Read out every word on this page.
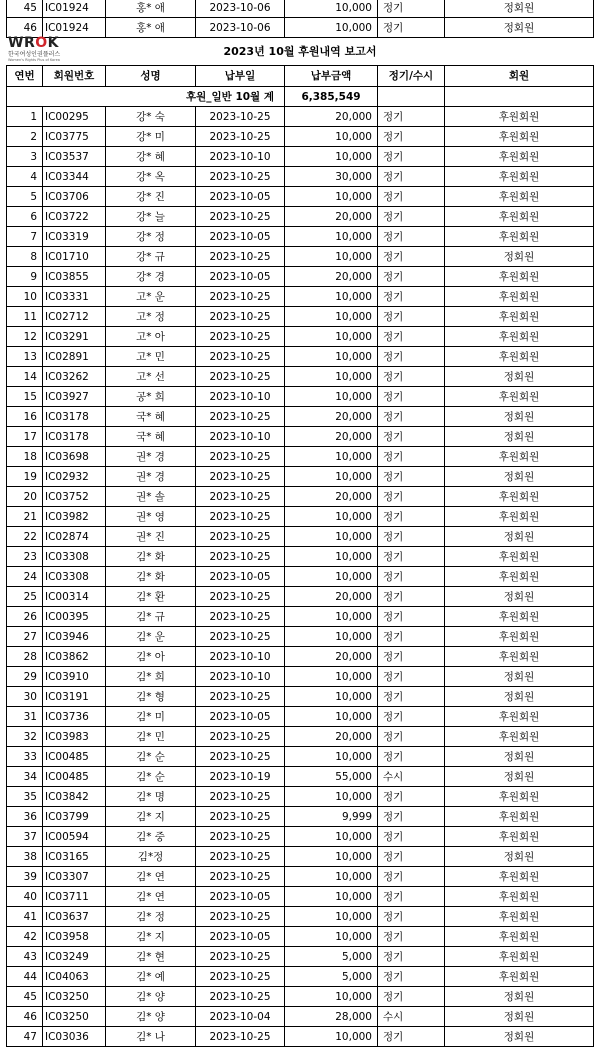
45	IC01924	홍* 애	2023-10-06	10,000	정기	정회원
46	IC01924	홍* 애	2023-10-06	10,000	정기	정회원
WROK
한국여성인권플러스
Women's Rights Plus of Korea
2023년 10월 후원내역 보고서
연번	회원번호	성명	납부일	납부금액	정기/수시	회원
후원_일반 10월 계				6,385,549		
1	IC00295	강* 숙	2023-10-25	20,000	정기	후원회원
2	IC03775	강* 미	2023-10-25	10,000	정기	후원회원
3	IC03537	강* 혜	2023-10-10	10,000	정기	후원회원
4	IC03344	강* 옥	2023-10-25	30,000	정기	후원회원
5	IC03706	강* 진	2023-10-05	10,000	정기	후원회원
6	IC03722	강* 늘	2023-10-25	20,000	정기	후원회원
7	IC03319	강* 정	2023-10-05	10,000	정기	후원회원
8	IC01710	강* 규	2023-10-25	10,000	정기	정회원
9	IC03855	강* 경	2023-10-05	20,000	정기	후원회원
10	IC03331	고* 운	2023-10-25	10,000	정기	후원회원
11	IC02712	고* 정	2023-10-25	10,000	정기	후원회원
12	IC03291	고* 아	2023-10-25	10,000	정기	후원회원
13	IC02891	고* 민	2023-10-25	10,000	정기	후원회원
14	IC03262	고* 선	2023-10-25	10,000	정기	정회원
15	IC03927	공* 희	2023-10-10	10,000	정기	후원회원
16	IC03178	국* 혜	2023-10-25	20,000	정기	정회원
17	IC03178	국* 혜	2023-10-10	20,000	정기	정회원
18	IC03698	권* 경	2023-10-25	10,000	정기	후원회원
19	IC02932	권* 경	2023-10-25	10,000	정기	정회원
20	IC03752	권* 솔	2023-10-25	20,000	정기	후원회원
21	IC03982	권* 영	2023-10-25	10,000	정기	후원회원
22	IC02874	권* 진	2023-10-25	10,000	정기	정회원
23	IC03308	김* 화	2023-10-25	10,000	정기	후원회원
24	IC03308	김* 화	2023-10-05	10,000	정기	후원회원
25	IC00314	김* 환	2023-10-25	20,000	정기	정회원
26	IC00395	김* 규	2023-10-25	10,000	정기	후원회원
27	IC03946	김* 운	2023-10-25	10,000	정기	후원회원
28	IC03862	김* 아	2023-10-10	20,000	정기	후원회원
29	IC03910	김* 희	2023-10-10	10,000	정기	정회원
30	IC03191	김* 형	2023-10-25	10,000	정기	정회원
31	IC03736	김* 미	2023-10-05	10,000	정기	후원회원
32	IC03983	김* 민	2023-10-25	20,000	정기	후원회원
33	IC00485	김* 순	2023-10-25	10,000	정기	정회원
34	IC00485	김* 순	2023-10-19	55,000	수시	정회원
35	IC03842	김* 명	2023-10-25	10,000	정기	후원회원
36	IC03799	김* 지	2023-10-25	9,999	정기	후원회원
37	IC00594	김* 중	2023-10-25	10,000	정기	후원회원
38	IC03165	김*정	2023-10-25	10,000	정기	정회원
39	IC03307	김* 연	2023-10-25	10,000	정기	후원회원
40	IC03711	김* 연	2023-10-05	10,000	정기	후원회원
41	IC03637	김* 정	2023-10-25	10,000	정기	후원회원
42	IC03958	김* 지	2023-10-05	10,000	정기	후원회원
43	IC03249	김* 현	2023-10-25	5,000	정기	후원회원
44	IC04063	김* 예	2023-10-25	5,000	정기	후원회원
45	IC03250	김* 양	2023-10-25	10,000	정기	정회원
46	IC03250	김* 양	2023-10-04	28,000	수시	정회원
47	IC03036	김* 나	2023-10-25	10,000	정기	정회원
